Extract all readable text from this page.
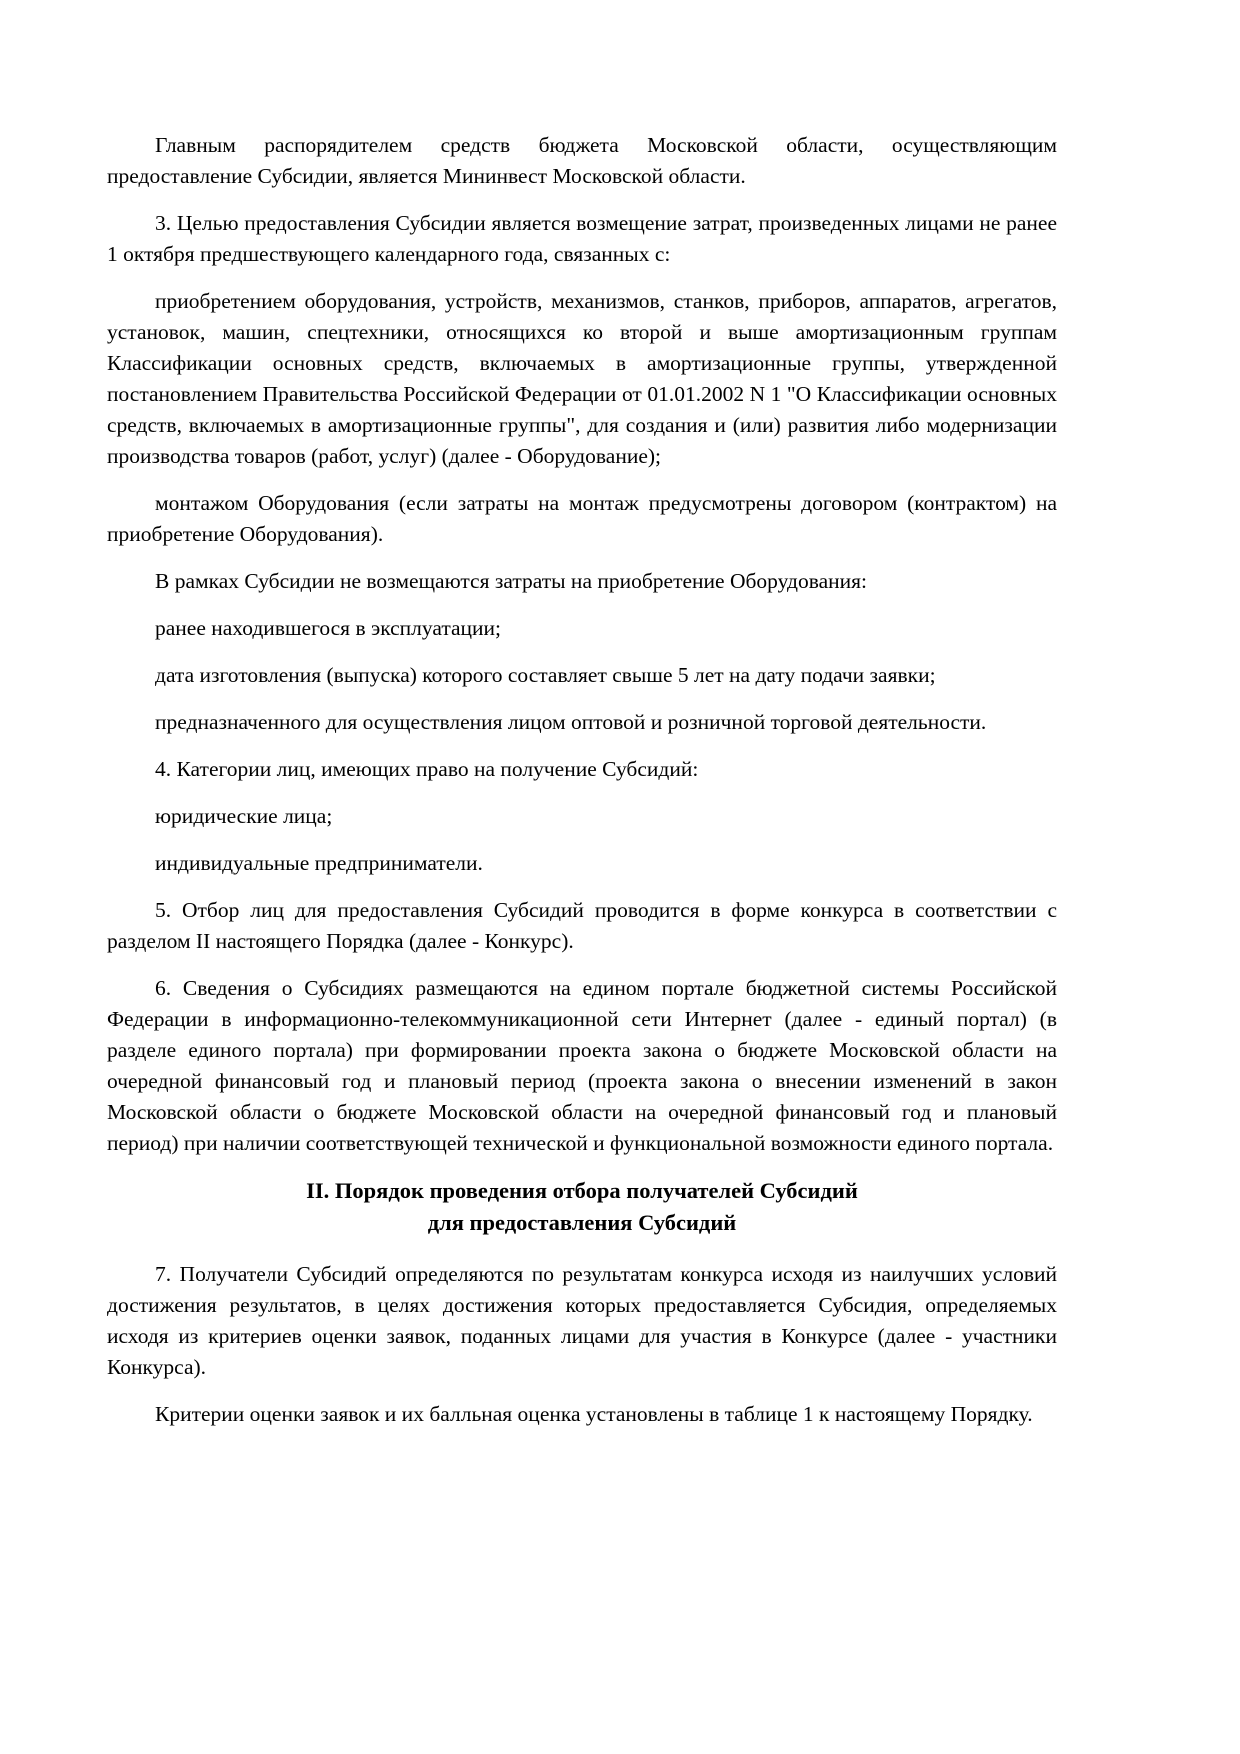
Главным распорядителем средств бюджета Московской области, осуществляющим предоставление Субсидии, является Мининвест Московской области.

3. Целью предоставления Субсидии является возмещение затрат, произведенных лицами не ранее 1 октября предшествующего календарного года, связанных с:

приобретением оборудования, устройств, механизмов, станков, приборов, аппаратов, агрегатов, установок, машин, спецтехники, относящихся ко второй и выше амортизационным группам Классификации основных средств, включаемых в амортизационные группы, утвержденной постановлением Правительства Российской Федерации от 01.01.2002 N 1 "О Классификации основных средств, включаемых в амортизационные группы", для создания и (или) развития либо модернизации производства товаров (работ, услуг) (далее - Оборудование);

монтажом Оборудования (если затраты на монтаж предусмотрены договором (контрактом) на приобретение Оборудования).

В рамках Субсидии не возмещаются затраты на приобретение Оборудования:

ранее находившегося в эксплуатации;

дата изготовления (выпуска) которого составляет свыше 5 лет на дату подачи заявки;

предназначенного для осуществления лицом оптовой и розничной торговой деятельности.

4. Категории лиц, имеющих право на получение Субсидий:

юридические лица;

индивидуальные предприниматели.

5. Отбор лиц для предоставления Субсидий проводится в форме конкурса в соответствии с разделом II настоящего Порядка (далее - Конкурс).

6. Сведения о Субсидиях размещаются на едином портале бюджетной системы Российской Федерации в информационно-телекоммуникационной сети Интернет (далее - единый портал) (в разделе единого портала) при формировании проекта закона о бюджете Московской области на очередной финансовый год и плановый период (проекта закона о внесении изменений в закон Московской области о бюджете Московской области на очередной финансовый год и плановый период) при наличии соответствующей технической и функциональной возможности единого портала.

II. Порядок проведения отбора получателей Субсидий
для предоставления Субсидий

7. Получатели Субсидий определяются по результатам конкурса исходя из наилучших условий достижения результатов, в целях достижения которых предоставляется Субсидия, определяемых исходя из критериев оценки заявок, поданных лицами для участия в Конкурсе (далее - участники Конкурса).

Критерии оценки заявок и их балльная оценка установлены в таблице 1 к настоящему Порядку.
